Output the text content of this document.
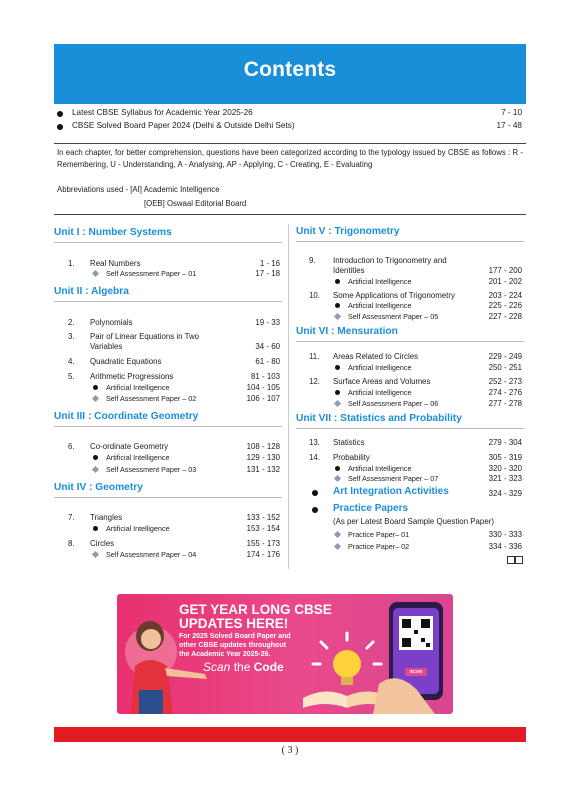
Contents
Latest CBSE Syllabus for Academic Year 2025-26	7 - 10
CBSE Solved Board Paper 2024 (Delhi & Outside Delhi Sets)	17 - 48
In each chapter, for better comprehension, questions have been categorized according to the typology issued by CBSE as follows : R - Remembering, U - Understanding, A - Analysing, AP - Applying, C - Creating, E - Evaluating
Abbreviations used - [AI] Academic Intelligence
[OEB] Oswaal Editorial Board
Unit I : Number Systems
1. Real Numbers	1 - 16
Self Assessment Paper – 01	17 - 18
Unit II : Algebra
2. Polynomials	19 - 33
3. Pair of Linear Equations in Two
Variables	34 - 60
4. Quadratic Equations	61 - 80
5. Arithmetic Progressions	81 - 103
Artificial Intelligence	104 - 105
Self Assessment Paper – 02	106 - 107
Unit III : Coordinate Geometry
6. Co-ordinate Geometry	108 - 128
Artificial Intelligence	129 - 130
Self Assessment Paper – 03	131 - 132
Unit IV : Geometry
7. Triangles	133 - 152
Artificial Intelligence	153 - 154
8. Circles	155 - 173
Self Assessment Paper – 04	174 - 176
Unit V : Trigonometry
9. Introduction to Trigonometry and
Identities	177 - 200
Artificial Intelligence	201 - 202
10. Some Applications of Trigonometry	203 - 224
Artificial Intelligence	225 - 226
Self Assessment Paper – 05	227 - 228
Unit VI : Mensuration
11. Areas Related to Circles	229 - 249
Artificial Intelligence	250 - 251
12. Surface Areas and Volumes	252 - 273
Artificial Intelligence	274 - 276
Self Assessment Paper – 06	277 - 278
Unit VII : Statistics and Probability
13. Statistics	279 - 304
14. Probability	305 - 319
Artificial Intelligence	320 - 320
Self Assessment Paper – 07	321 - 323
Art Integration Activities	324 - 329
Practice Papers
(As per Latest Board Sample Question Paper)
Practice Paper– 01	330 - 333
Practice Paper– 02	334 - 336
GET YEAR LONG CBSE
UPDATES HERE!
For 2025 Solved Board Paper and
other CBSE updates throughout
the Academic Year 2025-26.
Scan the Code	SCAN
( 3 )
